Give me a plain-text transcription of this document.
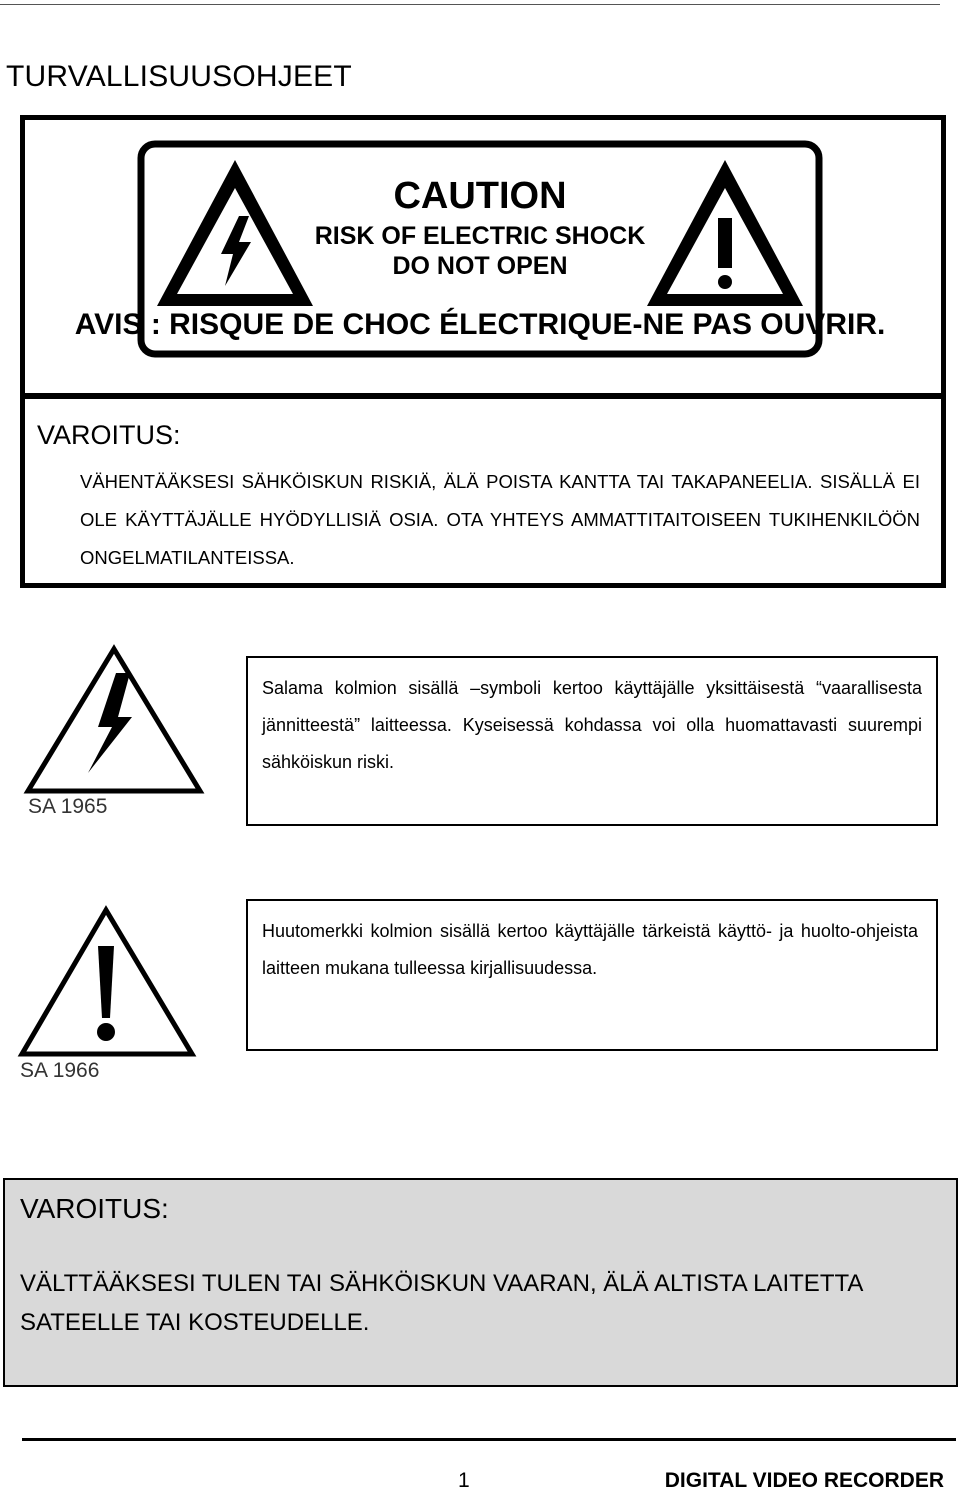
TURVALLISUUSOHJEET
CAUTION
RISK OF ELECTRIC SHOCK
DO NOT OPEN
AVIS : RISQUE DE CHOC ÉLECTRIQUE-NE PAS OUVRIR.
VAROITUS:
VÄHENTÄÄKSESI SÄHKÖISKUN RISKIÄ, ÄLÄ POISTA KANTTA TAI TAKAPANEELIA. SISÄLLÄ EI OLE KÄYTTÄJÄLLE HYÖDYLLISIÄ OSIA. OTA YHTEYS AMMATTITAITOISEEN TUKIHENKILÖÖN ONGELMATILANTEISSA.
SA 1965

Salama kolmion sisällä –symboli kertoo käyttäjälle yksittäisestä “vaarallisesta jännitteestä” laitteessa. Kyseisessä kohdassa voi olla huomattavasti suurempi sähköiskun riski.

SA 1966

Huutomerkki kolmion sisällä kertoo käyttäjälle tärkeistä käyttö- ja huolto-ohjeista laitteen mukana tulleessa kirjallisuudessa.

VAROITUS:
VÄLTTÄÄKSESI TULEN TAI SÄHKÖISKUN VAARAN, ÄLÄ ALTISTA LAITETTA SATEELLE TAI KOSTEUDELLE.
1	DIGITAL VIDEO RECORDER
